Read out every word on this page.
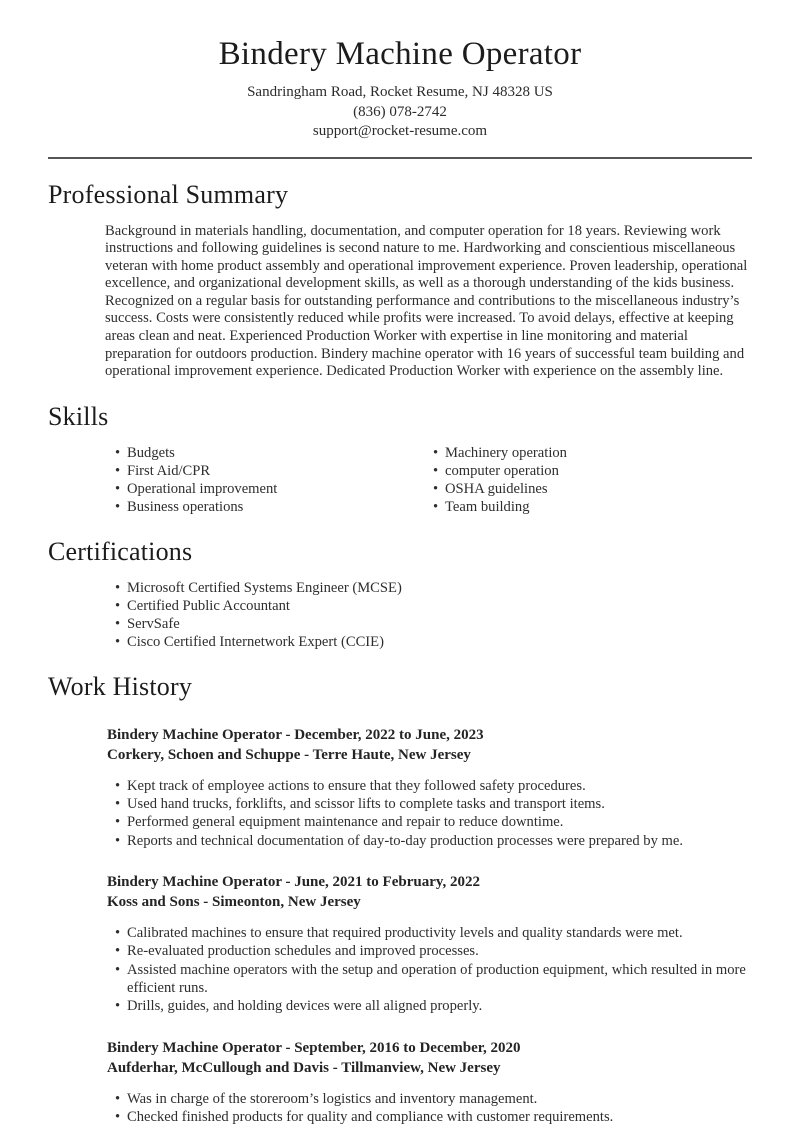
Bindery Machine Operator
Sandringham Road, Rocket Resume, NJ 48328 US
(836) 078-2742
support@rocket-resume.com
Professional Summary

Background in materials handling, documentation, and computer operation for 18 years. Reviewing work instructions and following guidelines is second nature to me. Hardworking and conscientious miscellaneous veteran with home product assembly and operational improvement experience. Proven leadership, operational excellence, and organizational development skills, as well as a thorough understanding of the kids business. Recognized on a regular basis for outstanding performance and contributions to the miscellaneous industry’s success. Costs were consistently reduced while profits were increased. To avoid delays, effective at keeping areas clean and neat. Experienced Production Worker with expertise in line monitoring and material preparation for outdoors production. Bindery machine operator with 16 years of successful team building and operational improvement experience. Dedicated Production Worker with experience on the assembly line.

Skills
• Budgets
• First Aid/CPR
• Operational improvement
• Business operations
• Machinery operation
• computer operation
• OSHA guidelines
• Team building
Certifications
• Microsoft Certified Systems Engineer (MCSE)
• Certified Public Accountant
• ServSafe
• Cisco Certified Internetwork Expert (CCIE)
Work History
Bindery Machine Operator - December, 2022 to June, 2023
Corkery, Schoen and Schuppe - Terre Haute, New Jersey
• Kept track of employee actions to ensure that they followed safety procedures.
• Used hand trucks, forklifts, and scissor lifts to complete tasks and transport items.
• Performed general equipment maintenance and repair to reduce downtime.
• Reports and technical documentation of day-to-day production processes were prepared by me.
Bindery Machine Operator - June, 2021 to February, 2022
Koss and Sons - Simeonton, New Jersey
• Calibrated machines to ensure that required productivity levels and quality standards were met.
• Re-evaluated production schedules and improved processes.
• Assisted machine operators with the setup and operation of production equipment, which resulted in more efficient runs.
• Drills, guides, and holding devices were all aligned properly.
Bindery Machine Operator - September, 2016 to December, 2020
Aufderhar, McCullough and Davis - Tillmanview, New Jersey
• Was in charge of the storeroom’s logistics and inventory management.
• Checked finished products for quality and compliance with customer requirements.
